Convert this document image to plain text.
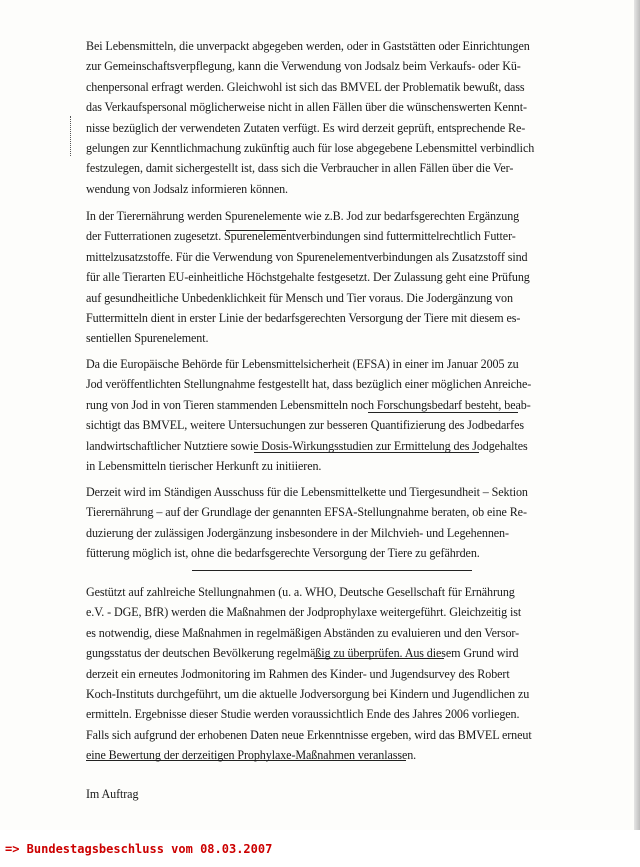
Bei Lebensmitteln, die unverpackt abgegeben werden, oder in Gaststätten oder Einrichtungen
zur Gemeinschaftsverpflegung, kann die Verwendung von Jodsalz beim Verkaufs- oder Kü-
chenpersonal erfragt werden. Gleichwohl ist sich das BMVEL der Problematik bewußt, dass
das Verkaufspersonal möglicherweise nicht in allen Fällen über die wünschenswerten Kennt-
nisse bezüglich der verwendeten Zutaten verfügt. Es wird derzeit geprüft, entsprechende Re-
gelungen zur Kenntlichmachung zukünftig auch für lose abgegebene Lebensmittel verbindlich
festzulegen, damit sichergestellt ist, dass sich die Verbraucher in allen Fällen über die Ver-
wendung von Jodsalz informieren können.
In der Tierernährung werden Spurenelemente wie z.B. Jod zur bedarfsgerechten Ergänzung
der Futterrationen zugesetzt. Spurenelementverbindungen sind futtermittelrechtlich Futter-
mittelzusatzstoffe. Für die Verwendung von Spurenelementverbindungen als Zusatzstoff sind
für alle Tierarten EU-einheitliche Höchstgehalte festgesetzt. Der Zulassung geht eine Prüfung
auf gesundheitliche Unbedenklichkeit für Mensch und Tier voraus. Die Jodergänzung von
Futtermitteln dient in erster Linie der bedarfsgerechten Versorgung der Tiere mit diesem es-
sentiellen Spurenelement.
Da die Europäische Behörde für Lebensmittelsicherheit (EFSA) in einer im Januar 2005 zu
Jod veröffentlichten Stellungnahme festgestellt hat, dass bezüglich einer möglichen Anreiche-
rung von Jod in von Tieren stammenden Lebensmitteln noch Forschungsbedarf besteht, beab-
sichtigt das BMVEL, weitere Untersuchungen zur besseren Quantifizierung des Jodbedarfes
landwirtschaftlicher Nutztiere sowie Dosis-Wirkungsstudien zur Ermittelung des Jodgehaltes
in Lebensmitteln tierischer Herkunft zu initiieren.
Derzeit wird im Ständigen Ausschuss für die Lebensmittelkette und Tiergesundheit – Sektion
Tierernährung – auf der Grundlage der genannten EFSA-Stellungnahme beraten, ob eine Re-
duzierung der zulässigen Jodergänzung insbesondere in der Milchvieh- und Legehennen-
fütterung möglich ist, ohne die bedarfsgerechte Versorgung der Tiere zu gefährden.
Gestützt auf zahlreiche Stellungnahmen (u. a. WHO, Deutsche Gesellschaft für Ernährung
e.V. - DGE, BfR) werden die Maßnahmen der Jodprophylaxe weitergeführt. Gleichzeitig ist
es notwendig, diese Maßnahmen in regelmäßigen Abständen zu evaluieren und den Versor-
gungsstatus der deutschen Bevölkerung regelmäßig zu überprüfen. Aus diesem Grund wird
derzeit ein erneutes Jodmonitoring im Rahmen des Kinder- und Jugendsurvey des Robert
Koch-Instituts durchgeführt, um die aktuelle Jodversorgung bei Kindern und Jugendlichen zu
ermitteln. Ergebnisse dieser Studie werden voraussichtlich Ende des Jahres 2006 vorliegen.
Falls sich aufgrund der erhobenen Daten neue Erkenntnisse ergeben, wird das BMVEL erneut
eine Bewertung der derzeitigen Prophylaxe-Maßnahmen veranlassen.
Im Auftrag
=> Bundestagsbeschluss vom 08.03.2007
